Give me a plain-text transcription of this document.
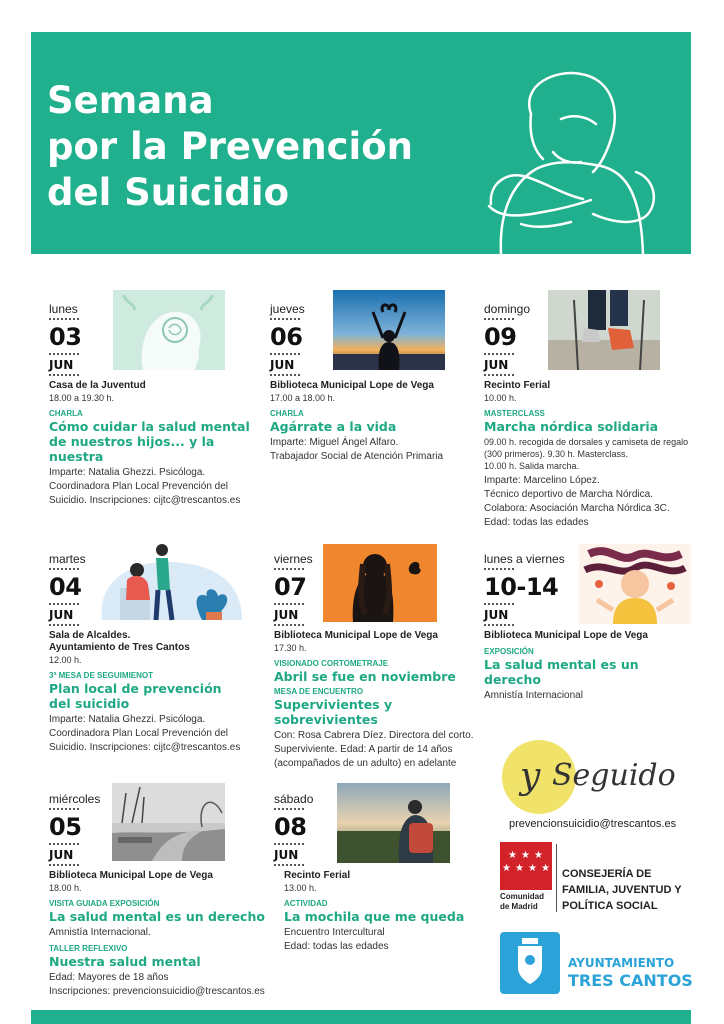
Semana
por la Prevención
del Suicidio
lunes
03
JUN
Casa de la Juventud
18.00 a 19.30 h.
CHARLA
Cómo cuidar la salud mental
de nuestros hijos... y la nuestra
Imparte: Natalia Ghezzi. Psicóloga.
Coordinadora Plan Local Prevención del
Suicidio. Inscripciones: cijtc@trescantos.es
jueves
06
JUN
Biblioteca Municipal Lope de Vega
17.00 a 18.00 h.
CHARLA
Agárrate a la vida
Imparte: Miguel Ángel Alfaro.
Trabajador Social de Atención Primaria
domingo
09
JUN
Recinto Ferial
10.00 h.
MASTERCLASS
Marcha nórdica solidaria
09.00 h. recogida de dorsales y camiseta de regalo
(300 primeros). 9.30 h. Masterclass.
10.00 h. Salida marcha.
Imparte: Marcelino López.
Técnico deportivo de Marcha Nórdica.
Colabora: Asociación Marcha Nórdica 3C.
Edad: todas las edades
martes
04
JUN
Sala de Alcaldes.
Ayuntamiento de Tres Cantos
12.00 h.
3ª MESA DE SEGUIMIENOT
Plan local de prevención
del suicidio
Imparte: Natalia Ghezzi. Psicóloga.
Coordinadora Plan Local Prevención del
Suicidio. Inscripciones: cijtc@trescantos.es
viernes
07
JUN
Biblioteca Municipal Lope de Vega
17.30 h.
VISIONADO CORTOMETRAJE
Abril se fue en noviembre
MESA DE ENCUENTRO
Supervivientes y sobrevivientes
Con: Rosa Cabrera Díez. Directora del corto.
Superviviente. Edad: A partir de 14 años
(acompañados de un adulto) en adelante
lunes a viernes
10-14
JUN
Biblioteca Municipal Lope de Vega
EXPOSICIÓN
La salud mental es un derecho
Amnistía Internacional
miércoles
05
JUN
Biblioteca Municipal Lope de Vega
18.00 h.
VISITA GUIADA EXPOSICIÓN
La salud mental es un derecho
Amnistía Internacional.
TALLER REFLEXIVO
Nuestra salud mental
Edad: Mayores de 18 años
Inscripciones: prevencionsuicidio@trescantos.es
sábado
08
JUN
Recinto Ferial
13.00 h.
ACTIVIDAD
La mochila que me queda
Encuentro Intercultural
Edad: todas las edades
y Seguido
prevencionsuicidio@trescantos.es
★ ★ ★
★ ★ ★ ★
Comunidad
de Madrid
CONSEJERÍA DE
FAMILIA, JUVENTUD Y
POLÍTICA SOCIAL
AYUNTAMIENTO
TRES CANTOS
